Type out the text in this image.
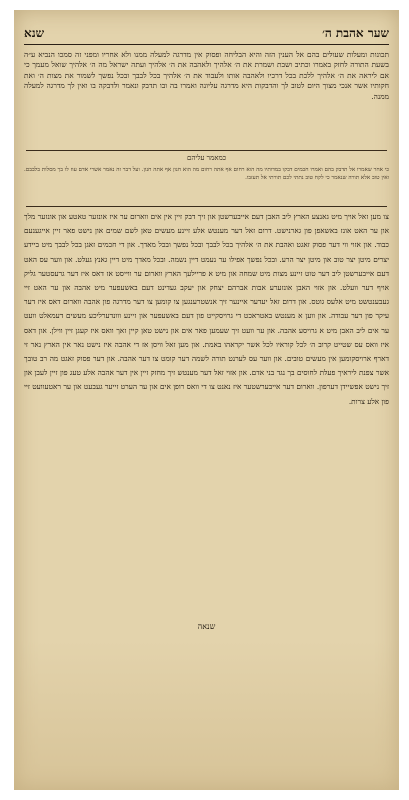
שער אהבת ה׳
שנא

תכונות ומעלות שעולים בהם אל הענין הזה והיא הבליחה ופסוק אין מדרגה למעלה ממנו ולא אחריו ומפני זה סמכו הנביא ע״ה בשעת התורה לחזק באמרו וכתיב ושבת ושמרת את ה׳ אלהיך ולאהבה את ה׳ אלהיך ועתה ישראל מה ה׳ אלהיך שואל מעמך כי אם ליראה את ה׳ אלהיך ללכת בכל דרכיו ולאהבה אותו ולעבוד את ה׳ אלהיך בכל לבבך ובכל נפשך לשמור את מצות ה׳ ואת חקותיו אשר אנכי מצוך היום לטוב לך והדבקות היא מדרגה עליונה ואמרו בה ובו תדבק ונאמר ולדבקה בו ואין לך מדרגה למעלה ממנה.

כמאמר עליהם

כי אחר שאמרו אל תדבק בהם ואמרו חכמים דבקו במדותיו מה הוא רחום אף אתה רחום מה הוא חנון אף אתה חנון. ועל דבר זה נאמר אשרי אדם עוז לו בך מסלות בלבבם. ואין טוב אלא תורה שנאמר כי לקח טוב נתתי לכם תורתי אל תעזבו.

צו מען זאל אויך מיט גאנצע הארץ ליב האבן דעם אייבערשטן און זיך דבק זיין אין אים ווארום ער איז אונזער טאטע און אונזער מלך און ער האט אונז באשאפן פון גארנישט. דרום זאל דער מענטש אלע זיינע מעשים טאן לשם שמים און נישט פאר זיין אייגענעם כבוד. און אזוי ווי דער פסוק זאגט ואהבת את ה׳ אלהיך בכל לבבך ובכל נפשך ובכל מאדך. און די חכמים זאגן בכל לבבך מיט ביידע יצרים מיטן יצר טוב און מיטן יצר הרע. ובכל נפשך אפילו ער נעמט דיין נשמה. ובכל מאדך מיט דיין גאנץ געלט. און ווער עס האט דעם אייבערשטן ליב דער טוט זיינע מצות מיט שמחה און מיט א פריילעך הארץ ווארום ער ווייסט אז דאס איז דער גרעסטער גליק אויף דער וועלט. און אזוי האבן אונזערע אבות אברהם יצחק און יעקב געדינט דעם באשעפער מיט אהבה און ער האט זיי געבענטשט מיט אלעס גוטס. און דרום זאל יעדער איינער זיך אנשטרענגען צו קומען צו דער מדרגה פון אהבה ווארום דאס איז דער עיקר פון דער עבודה. און ווען א מענטש באטראכט די גרויסקייט פון דעם באשעפער און זיינע ווונדערליכע מעשים דעמאלט וועט ער אים ליב האבן מיט א גרויסע אהבה. און ער וועט זיך שעמען פאר אים און נישט טאן קיין זאך וואס איז קעגן זיין ווילן. און דאס איז וואס עס שטייט קרוב ה׳ לכל קוראיו לכל אשר יקראהו באמת. און מען זאל וויסן אז די אהבה איז נישט נאר אין הארץ נאר זי דארף ארויסקומען אין מעשים טובים. און ווער עס לערנט תורה לשמה דער קומט צו דער אהבה. און דער פסוק זאגט מה רב טובך אשר צפנת ליראיך פעלת לחוסים בך נגד בני אדם. און אזוי זאל דער מענטש זיך מחזק זיין אין דער אהבה אלע טעג פון זיין לעבן און זיך נישט אפשיידן דערפון. ווארום דער אייבערשטער איז נאנט צו די וואס רופן אים און ער הערט זייער געבעט און ער ראטעוועט זיי פון אלע צרות.

שנאה
